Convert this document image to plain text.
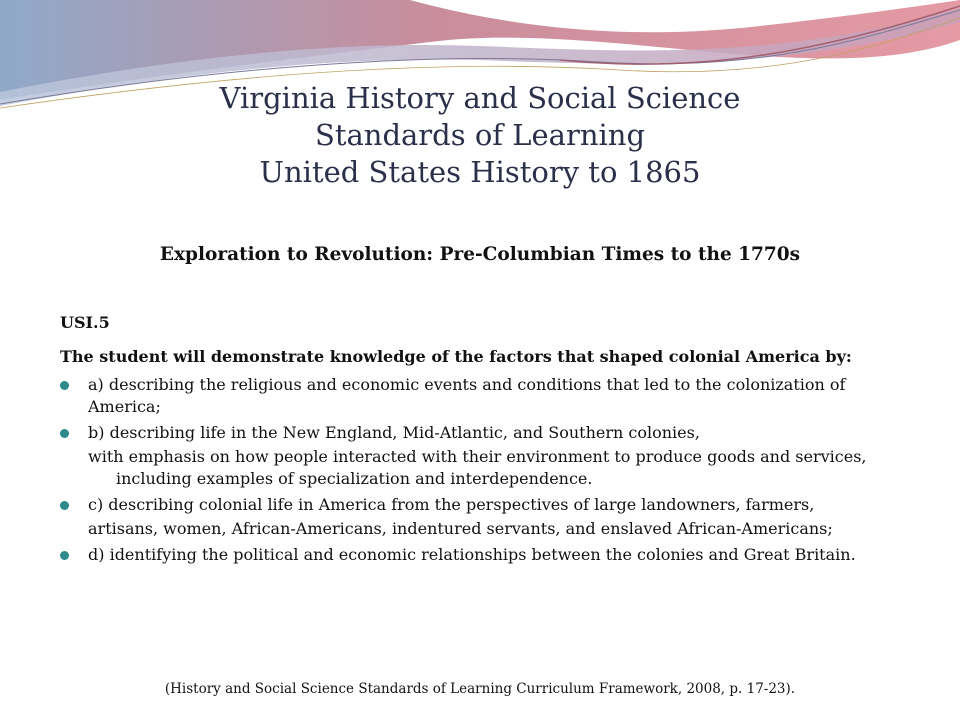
Virginia History and Social Science
Standards of Learning
United States History to 1865
Exploration to Revolution: Pre-Columbian Times to the 1770s
USI.5
The student will demonstrate knowledge of the factors that shaped colonial America by:
a) describing the religious and economic events and conditions that led to the colonization of America;
b) describing life in the New England, Mid-Atlantic, and Southern colonies,
with emphasis on how people interacted with their environment to produce goods and services, including examples of specialization and interdependence.
c) describing colonial life in America from the perspectives of large landowners, farmers,
artisans, women, African-Americans, indentured servants, and enslaved African-Americans;
d) identifying the political and economic relationships between the colonies and Great Britain.
(History and Social Science Standards of Learning Curriculum Framework, 2008, p. 17-23).
